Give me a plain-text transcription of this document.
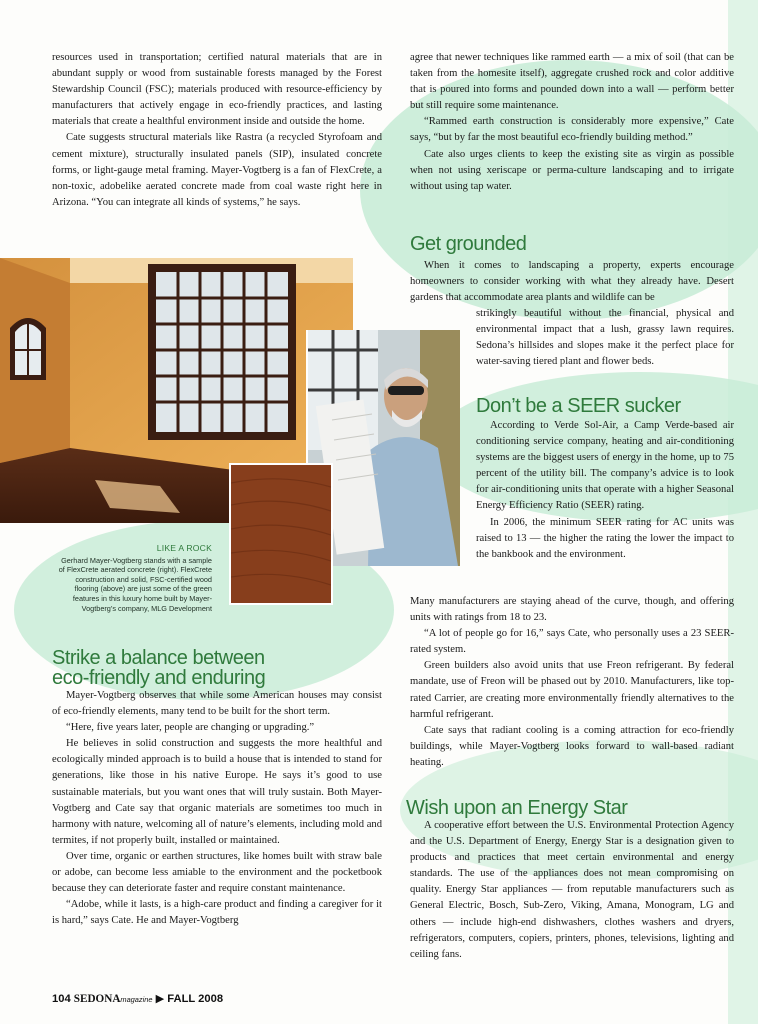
resources used in transportation; certified natural materials that are in abundant supply or wood from sustainable forests managed by the Forest Stewardship Council (FSC); materials produced with resource-efficiency by manufacturers that actively engage in eco-friendly practices, and lasting materials that create a healthful environment inside and outside the home.

Cate suggests structural materials like Rastra (a recycled Styrofoam and cement mixture), structurally insulated panels (SIP), insulated concrete forms, or light-gauge metal framing. Mayer-Vogtberg is a fan of FlexCrete, a non-toxic, adobelike aerated concrete made from coal waste right here in Arizona. “You can integrate all kinds of systems,” he says.

LIKE A ROCK
Gerhard Mayer-Vogtberg stands with a sample of FlexCrete aerated concrete (right). FlexCrete construction and solid, FSC-certified wood flooring (above) are just some of the green features in this luxury home built by Mayer-Vogtberg’s company, MLG Development
Strike a balance between eco-friendly and enduring

Mayer-Vogtberg observes that while some American houses may consist of eco-friendly elements, many tend to be built for the short term.

“Here, five years later, people are changing or upgrading.”

He believes in solid construction and suggests the more healthful and ecologically minded approach is to build a house that is intended to stand for generations, like those in his native Europe. He says it’s good to use sustainable materials, but you want ones that will truly sustain. Both Mayer-Vogtberg and Cate say that organic materials are sometimes too much in harmony with nature, welcoming all of nature’s elements, including mold and termites, if not properly built, installed or maintained.

Over time, organic or earthen structures, like homes built with straw bale or adobe, can become less amiable to the environment and the pocketbook because they can deteriorate faster and require constant maintenance.

“Adobe, while it lasts, is a high-care product and finding a caregiver for it is hard,” says Cate. He and Mayer-Vogtberg

agree that newer techniques like rammed earth — a mix of soil (that can be taken from the homesite itself), aggregate crushed rock and color additive that is poured into forms and pounded down into a wall — perform better but still require some maintenance.

“Rammed earth construction is considerably more expensive,” Cate says, “but by far the most beautiful eco-friendly building method.”

Cate also urges clients to keep the existing site as virgin as possible when not using xeriscape or perma-culture landscaping and to irrigate without using tap water.

Get grounded

When it comes to landscaping a property, experts encourage homeowners to consider working with what they already have. Desert gardens that accommodate area plants and wildlife can be

strikingly beautiful without the financial, physical and environmental impact that a lush, grassy lawn requires. Sedona’s hillsides and slopes make it the perfect place for water-saving tiered plant and flower beds.

Don’t be a SEER sucker

According to Verde Sol-Air, a Camp Verde-based air conditioning service company, heating and air-conditioning systems are the biggest users of energy in the home, up to 75 percent of the utility bill. The company’s advice is to look for air-conditioning units that operate with a higher Seasonal Energy Efficiency Ratio (SEER) rating.

In 2006, the minimum SEER rating for AC units was raised to 13 — the higher the rating the lower the impact to the bankbook and the environment.

Many manufacturers are staying ahead of the curve, though, and offering units with ratings from 18 to 23.

“A lot of people go for 16,” says Cate, who personally uses a 23 SEER-rated system.

Green builders also avoid units that use Freon refrigerant. By federal mandate, use of Freon will be phased out by 2010. Manufacturers, like top-rated Carrier, are creating more environmentally friendly alternatives to the harmful refrigerant.

Cate says that radiant cooling is a coming attraction for eco-friendly buildings, while Mayer-Vogtberg looks forward to wall-based radiant heating.

Wish upon an Energy Star

A cooperative effort between the U.S. Environmental Protection Agency and the U.S. Department of Energy, Energy Star is a designation given to products and practices that meet certain environmental and energy standards. The use of the appliances does not mean compromising on quality. Energy Star appliances — from reputable manufacturers such as General Electric, Bosch, Sub-Zero, Viking, Amana, Monogram, LG and others — include high-end dishwashers, clothes washers and dryers, refrigerators, computers, copiers, printers, phones, televisions, lighting and ceiling fans.

104 SEDONAmagazine ▶ FALL 2008
